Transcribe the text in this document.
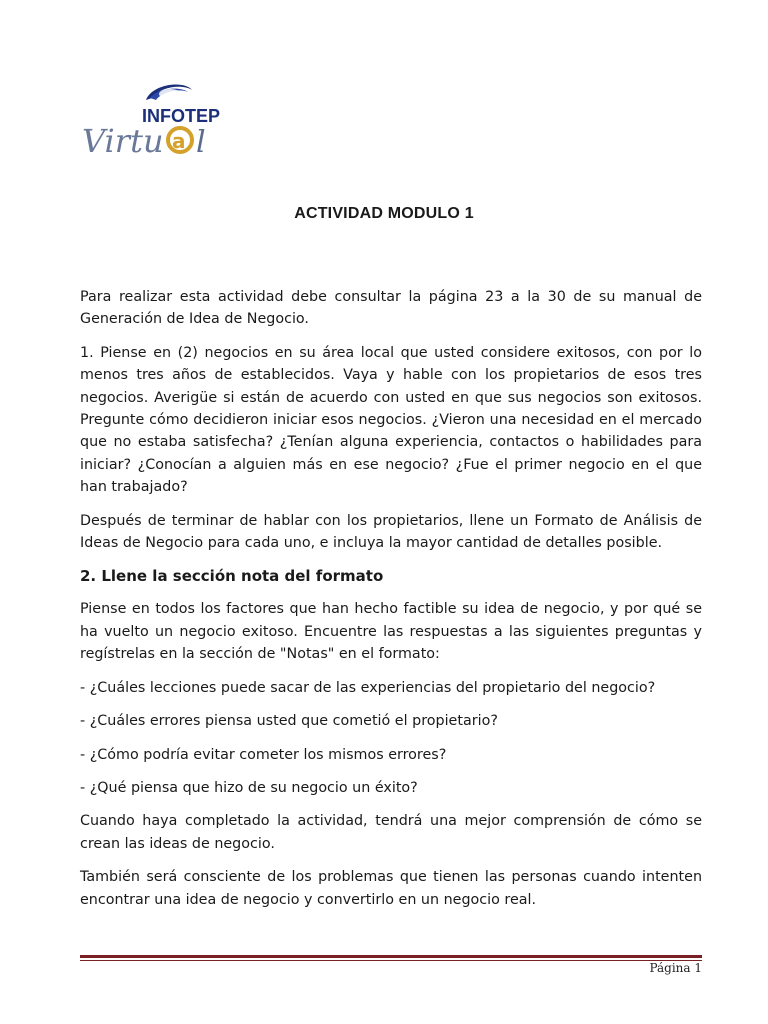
INFOTEP
Virtu a l
ACTIVIDAD MODULO 1

Para realizar esta actividad debe consultar la página 23 a la 30 de su manual de Generación de Idea de Negocio.

1. Piense en (2) negocios en su área local que usted considere exitosos, con por lo menos tres años de establecidos. Vaya y hable con los propietarios de esos tres negocios. Averigüe si están de acuerdo con usted en que sus negocios son exitosos. Pregunte cómo decidieron iniciar esos negocios. ¿Vieron una necesidad en el mercado que no estaba satisfecha? ¿Tenían alguna experiencia, contactos o habilidades para iniciar? ¿Conocían a alguien más en ese negocio? ¿Fue el primer negocio en el que han trabajado?

Después de terminar de hablar con los propietarios, llene un Formato de Análisis de Ideas de Negocio para cada uno, e incluya la mayor cantidad de detalles posible.

2. Llene la sección nota del formato

Piense en todos los factores que han hecho factible su idea de negocio, y por qué se ha vuelto un negocio exitoso. Encuentre las respuestas a las siguientes preguntas y regístrelas en la sección de "Notas" en el formato:

- ¿Cuáles lecciones puede sacar de las experiencias del propietario del negocio?

- ¿Cuáles errores piensa usted que cometió el propietario?

- ¿Cómo podría evitar cometer los mismos errores?

- ¿Qué piensa que hizo de su negocio un éxito?

Cuando haya completado la actividad, tendrá una mejor comprensión de cómo se crean las ideas de negocio.

También será consciente de los problemas que tienen las personas cuando intenten encontrar una idea de negocio y convertirlo en un negocio real.

Página 1
